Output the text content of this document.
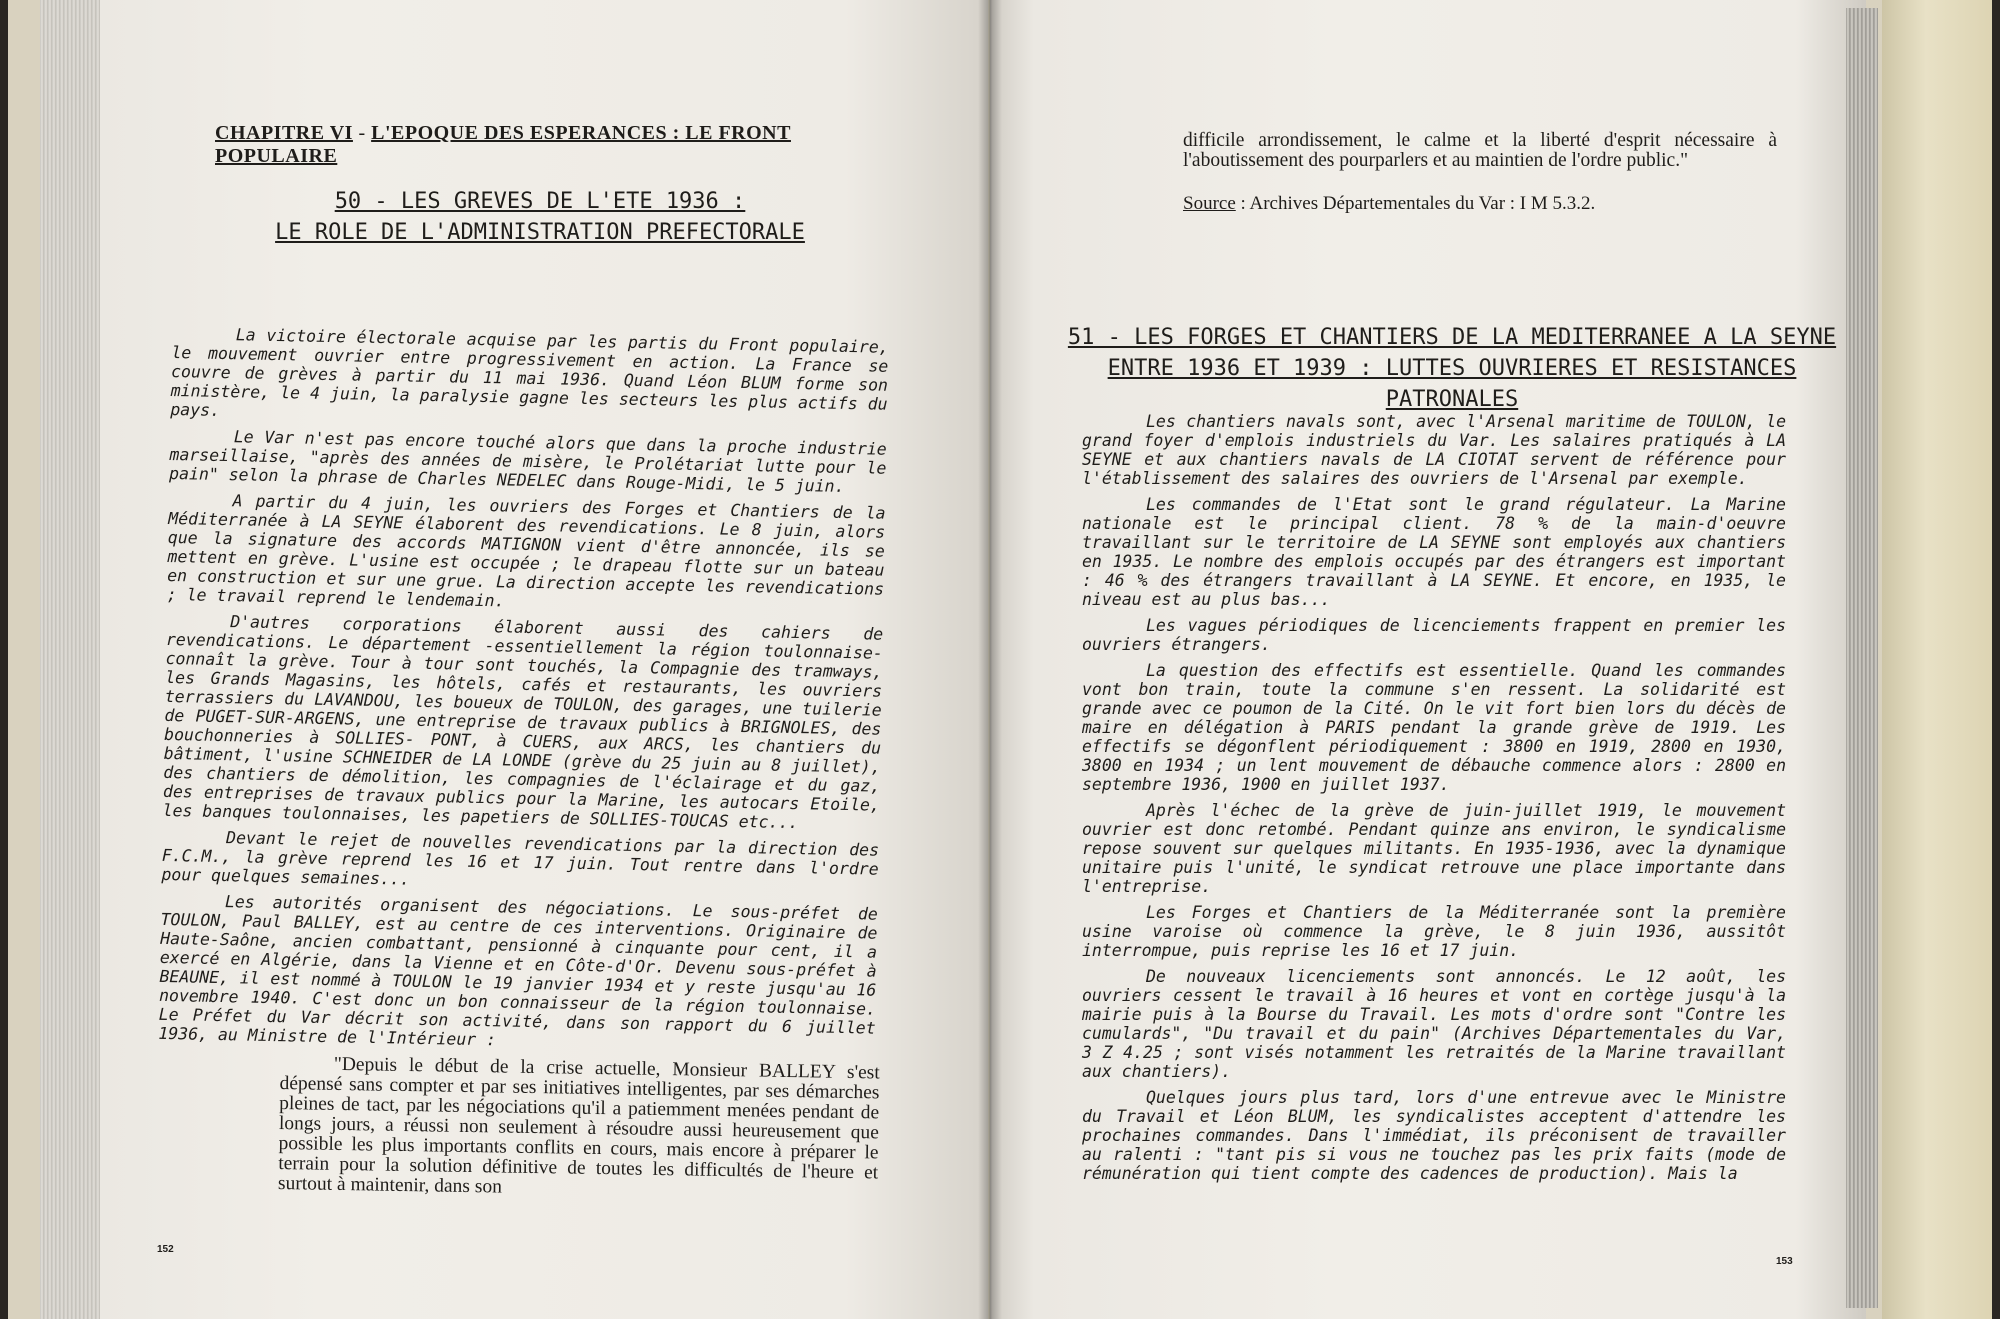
CHAPITRE VI - L'EPOQUE DES ESPERANCES : LE FRONT POPULAIRE
50 - LES GREVES DE L'ETE 1936 :
LE ROLE DE L'ADMINISTRATION PREFECTORALE

La victoire électorale acquise par les partis du Front populaire, le mouvement ouvrier entre progressivement en action. La France se couvre de grèves à partir du 11 mai 1936. Quand Léon BLUM forme son ministère, le 4 juin, la paralysie gagne les secteurs les plus actifs du pays.

Le Var n'est pas encore touché alors que dans la proche industrie marseillaise, "après des années de misère, le Prolétariat lutte pour le pain" selon la phrase de Charles NEDELEC dans Rouge-Midi, le 5 juin.

A partir du 4 juin, les ouvriers des Forges et Chantiers de la Méditerranée à LA SEYNE élaborent des revendications. Le 8 juin, alors que la signature des accords MATIGNON vient d'être annoncée, ils se mettent en grève. L'usine est occupée ; le drapeau flotte sur un bateau en construction et sur une grue. La direction accepte les revendications ; le travail reprend le lendemain.

D'autres corporations élaborent aussi des cahiers de revendications. Le département -essentiellement la région toulonnaise- connaît la grève. Tour à tour sont touchés, la Compagnie des tramways, les Grands Magasins, les hôtels, cafés et restaurants, les ouvriers terrassiers du LAVANDOU, les boueux de TOULON, des garages, une tuilerie de PUGET-SUR-ARGENS, une entreprise de travaux publics à BRIGNOLES, des bouchonneries à SOLLIES- PONT, à CUERS, aux ARCS, les chantiers du bâtiment, l'usine SCHNEIDER de LA LONDE (grève du 25 juin au 8 juillet), des chantiers de démolition, les compagnies de l'éclairage et du gaz, des entreprises de travaux publics pour la Marine, les autocars Etoile, les banques toulonnaises, les papetiers de SOLLIES-TOUCAS etc...

Devant le rejet de nouvelles revendications par la direction des F.C.M., la grève reprend les 16 et 17 juin. Tout rentre dans l'ordre pour quelques semaines...

Les autorités organisent des négociations. Le sous-préfet de TOULON, Paul BALLEY, est au centre de ces interventions. Originaire de Haute-Saône, ancien combattant, pensionné à cinquante pour cent, il a exercé en Algérie, dans la Vienne et en Côte-d'Or. Devenu sous-préfet à BEAUNE, il est nommé à TOULON le 19 janvier 1934 et y reste jusqu'au 16 novembre 1940. C'est donc un bon connaisseur de la région toulonnaise. Le Préfet du Var décrit son activité, dans son rapport du 6 juillet 1936, au Ministre de l'Intérieur :

"Depuis le début de la crise actuelle, Monsieur BALLEY s'est dépensé sans compter et par ses initiatives intelligentes, par ses démarches pleines de tact, par les négociations qu'il a patiemment menées pendant de longs jours, a réussi non seulement à résoudre aussi heureusement que possible les plus importants conflits en cours, mais encore à préparer le terrain pour la solution définitive de toutes les difficultés de l'heure et surtout à maintenir, dans son

152

difficile arrondissement, le calme et la liberté d'esprit nécessaire à l'aboutissement des pourparlers et au maintien de l'ordre public."

Source : Archives Départementales du Var : I M 5.3.2.
51 - LES FORGES ET CHANTIERS DE LA MEDITERRANEE A LA SEYNE
ENTRE 1936 ET 1939 : LUTTES OUVRIERES ET RESISTANCES PATRONALES

Les chantiers navals sont, avec l'Arsenal maritime de TOULON, le grand foyer d'emplois industriels du Var. Les salaires pratiqués à LA SEYNE et aux chantiers navals de LA CIOTAT servent de référence pour l'établissement des salaires des ouvriers de l'Arsenal par exemple.

Les commandes de l'Etat sont le grand régulateur. La Marine nationale est le principal client. 78 % de la main-d'oeuvre travaillant sur le territoire de LA SEYNE sont employés aux chantiers en 1935. Le nombre des emplois occupés par des étrangers est important : 46 % des étrangers travaillant à LA SEYNE. Et encore, en 1935, le niveau est au plus bas...

Les vagues périodiques de licenciements frappent en premier les ouvriers étrangers.

La question des effectifs est essentielle. Quand les commandes vont bon train, toute la commune s'en ressent. La solidarité est grande avec ce poumon de la Cité. On le vit fort bien lors du décès de maire en délégation à PARIS pendant la grande grève de 1919. Les effectifs se dégonflent périodiquement : 3800 en 1919, 2800 en 1930, 3800 en 1934 ; un lent mouvement de débauche commence alors : 2800 en septembre 1936, 1900 en juillet 1937.

Après l'échec de la grève de juin-juillet 1919, le mouvement ouvrier est donc retombé. Pendant quinze ans environ, le syndicalisme repose souvent sur quelques militants. En 1935-1936, avec la dynamique unitaire puis l'unité, le syndicat retrouve une place importante dans l'entreprise.

Les Forges et Chantiers de la Méditerranée sont la première usine varoise où commence la grève, le 8 juin 1936, aussitôt interrompue, puis reprise les 16 et 17 juin.

De nouveaux licenciements sont annoncés. Le 12 août, les ouvriers cessent le travail à 16 heures et vont en cortège jusqu'à la mairie puis à la Bourse du Travail. Les mots d'ordre sont "Contre les cumulards", "Du travail et du pain" (Archives Départementales du Var, 3 Z 4.25 ; sont visés notamment les retraités de la Marine travaillant aux chantiers).

Quelques jours plus tard, lors d'une entrevue avec le Ministre du Travail et Léon BLUM, les syndicalistes acceptent d'attendre les prochaines commandes. Dans l'immédiat, ils préconisent de travailler au ralenti : "tant pis si vous ne touchez pas les prix faits (mode de rémunération qui tient compte des cadences de production). Mais la

153
